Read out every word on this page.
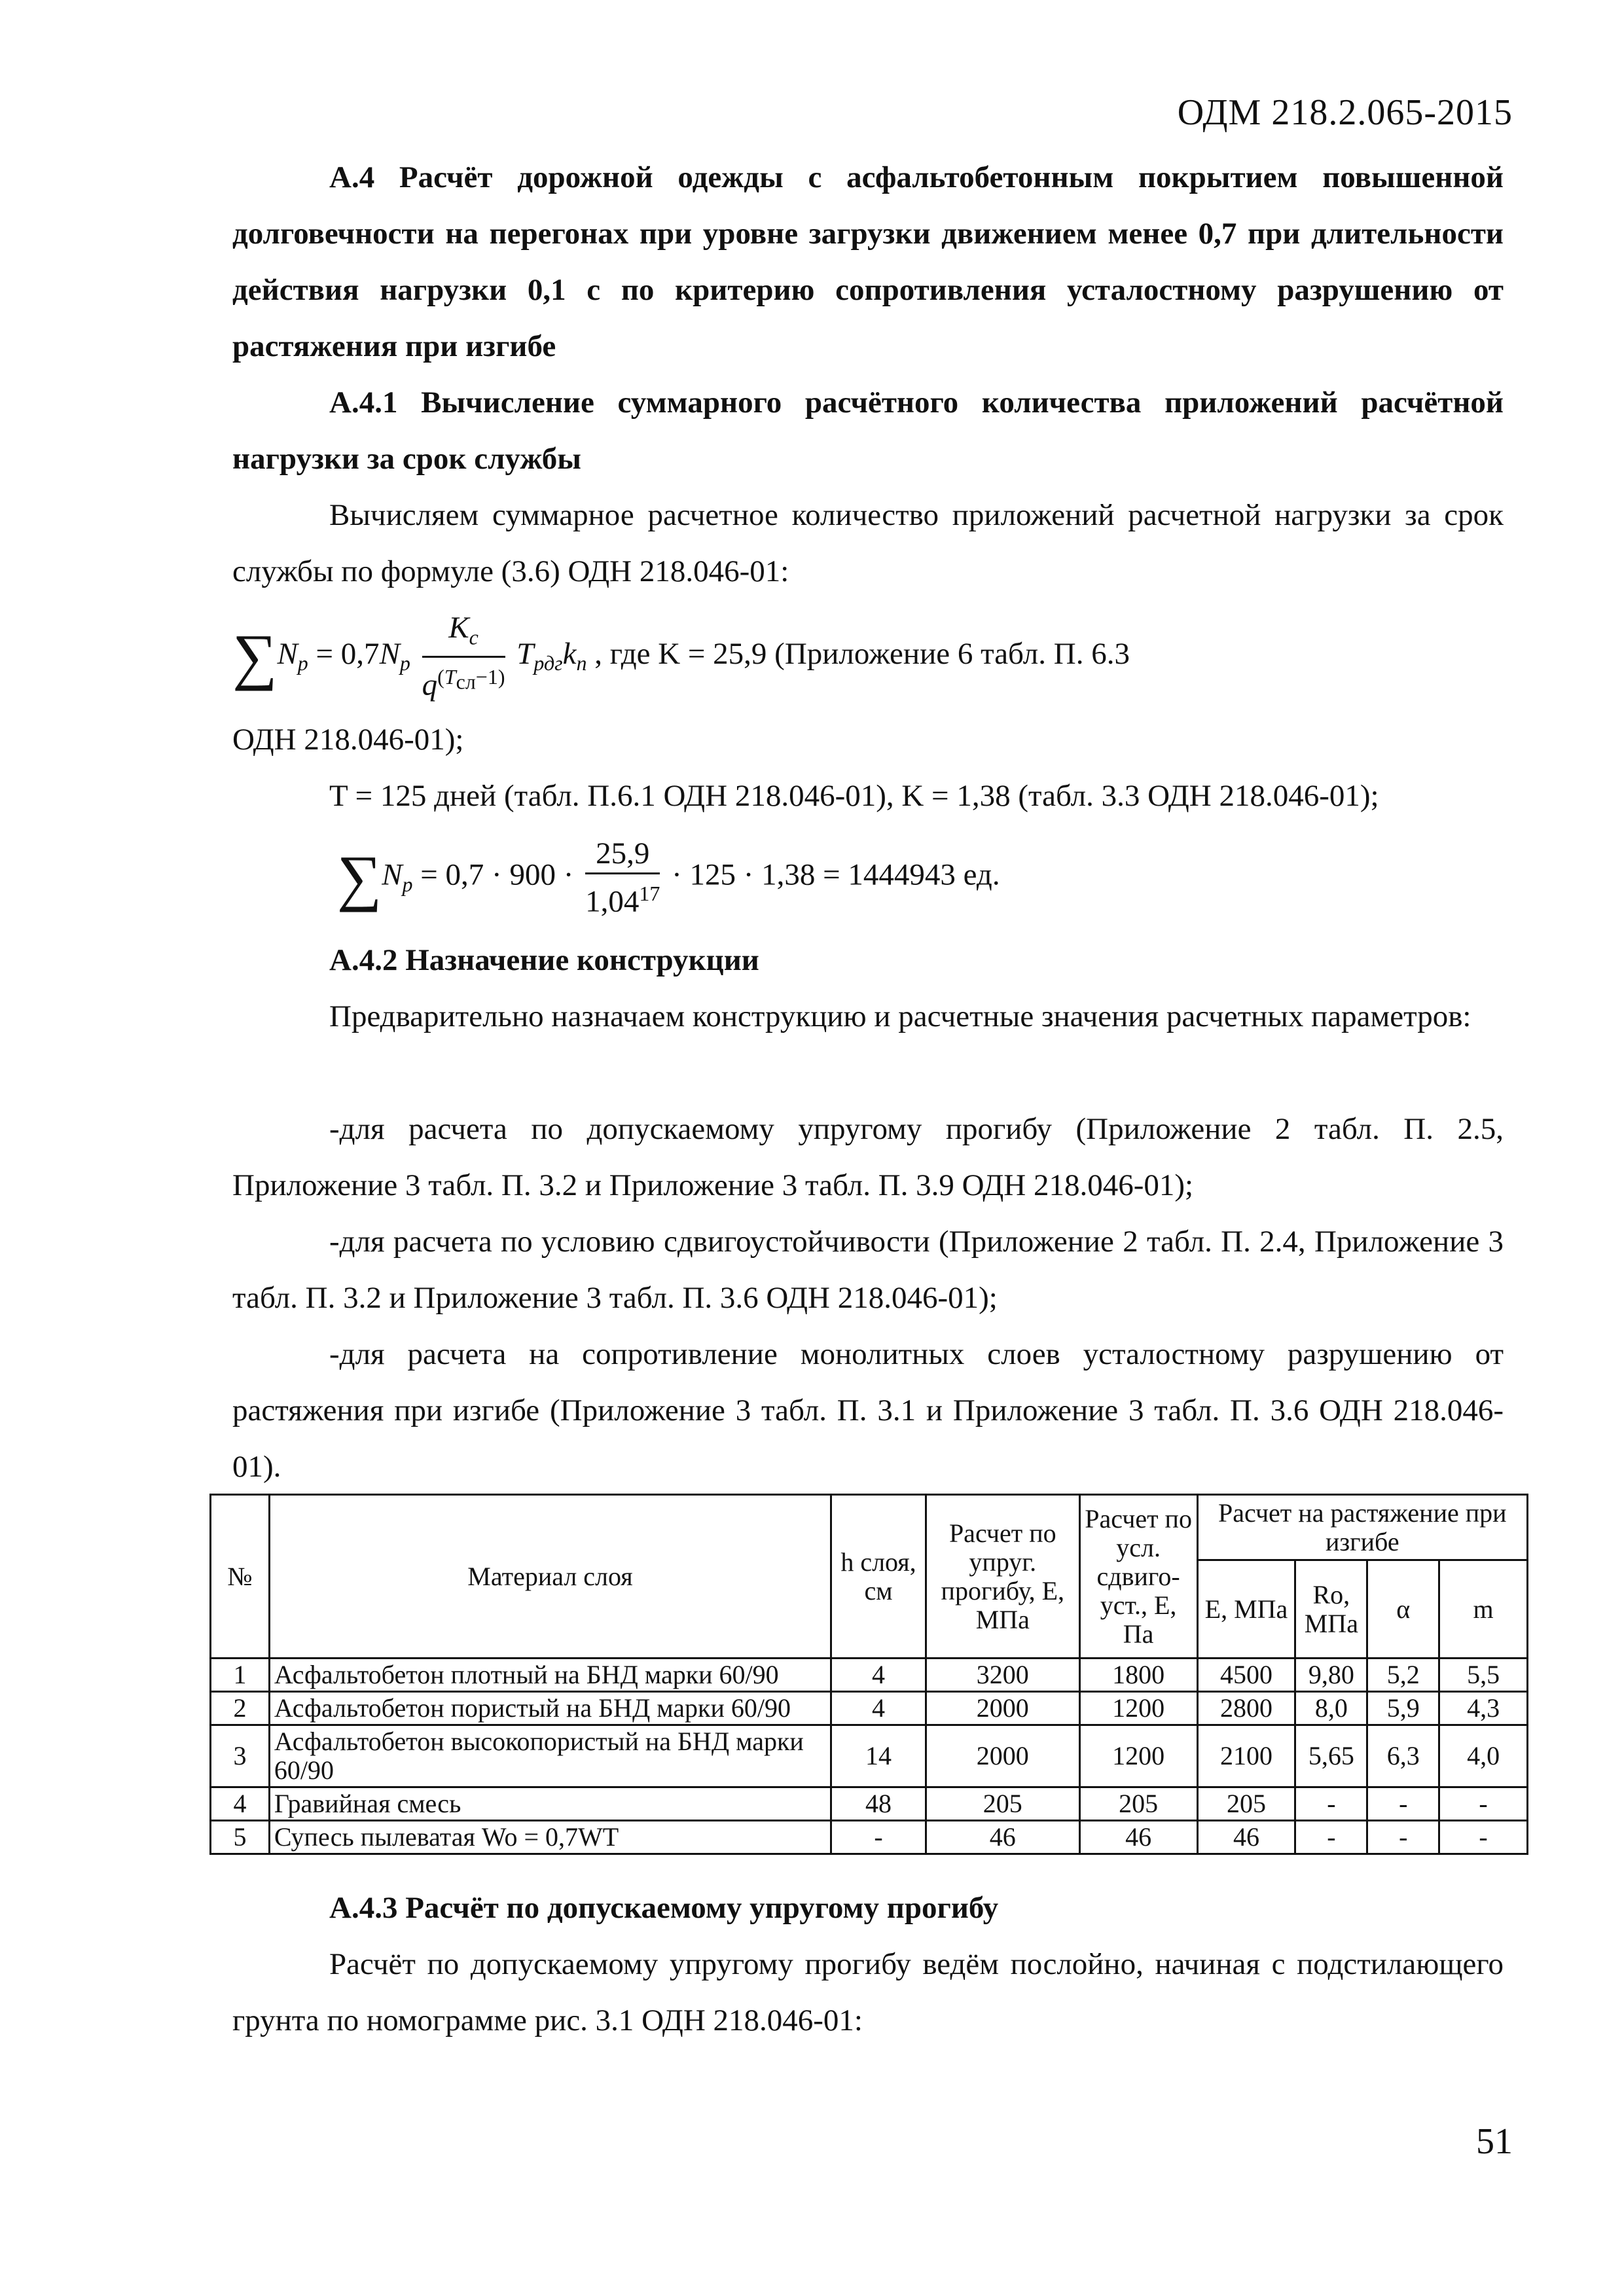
ОДМ 218.2.065-2015
А.4 Расчёт дорожной одежды с асфальтобетонным покрытием повышенной долговечности на перегонах при уровне загрузки движением менее 0,7 при длительности действия нагрузки 0,1 с по критерию сопротивления усталостному разрушению от растяжения при изгибе
А.4.1 Вычисление суммарного расчётного количества приложений расчётной нагрузки за срок службы
Вычисляем суммарное расчетное количество приложений расчетной нагрузки за срок службы по формуле (3.6) ОДН 218.046-01:
$\sum N_p = 0,7N_p \frac{K_c}{q^{(T_{сл}-1)}} T_{рдг}k_n$ , где K = 25,9 (Приложение 6 табл. П. 6.3
ОДН 218.046-01);
T = 125 дней (табл. П.6.1 ОДН 218.046-01), K = 1,38 (табл. 3.3 ОДН 218.046-01);
$\sum N_p = 0,7 \cdot 900 \cdot \frac{25,9}{1,04^{17}} \cdot 125 \cdot 1,38 = 1444943$ ед.
А.4.2 Назначение конструкции
Предварительно назначаем конструкцию и расчетные значения расчетных параметров:
-для расчета по допускаемому упругому прогибу (Приложение 2 табл. П. 2.5, Приложение 3 табл. П. 3.2 и Приложение 3 табл. П. 3.9 ОДН 218.046-01);
-для расчета по условию сдвигоустойчивости (Приложение 2 табл. П. 2.4, Приложение 3 табл. П. 3.2 и Приложение 3 табл. П. 3.6 ОДН 218.046-01);
-для расчета на сопротивление монолитных слоев усталостному разрушению от растяжения при изгибе (Приложение 3 табл. П. 3.1 и Приложение 3 табл. П. 3.6 ОДН 218.046-01).
№	Материал слоя	h слоя, см	Расчет по упруг. прогибу, E, МПа	Расчет по усл. сдвиго-уст., E, Па	Расчет на растяжение при изгибе			
					E, МПа	Ro, МПа	α	m
1	Асфальтобетон плотный на БНД марки 60/90	4	3200	1800	4500	9,80	5,2	5,5
2	Асфальтобетон пористый на БНД марки 60/90	4	2000	1200	2800	8,0	5,9	4,3
3	Асфальтобетон высокопористый на БНД марки 60/90	14	2000	1200	2100	5,65	6,3	4,0
4	Гравийная смесь	48	205	205	205	-	-	-
5	Супесь пылеватая Wo = 0,7WT	-	46	46	46	-	-	-
А.4.3 Расчёт по допускаемому упругому прогибу
Расчёт по допускаемому упругому прогибу ведём послойно, начиная с подстилающего грунта по номограмме рис. 3.1 ОДН 218.046-01:
51
